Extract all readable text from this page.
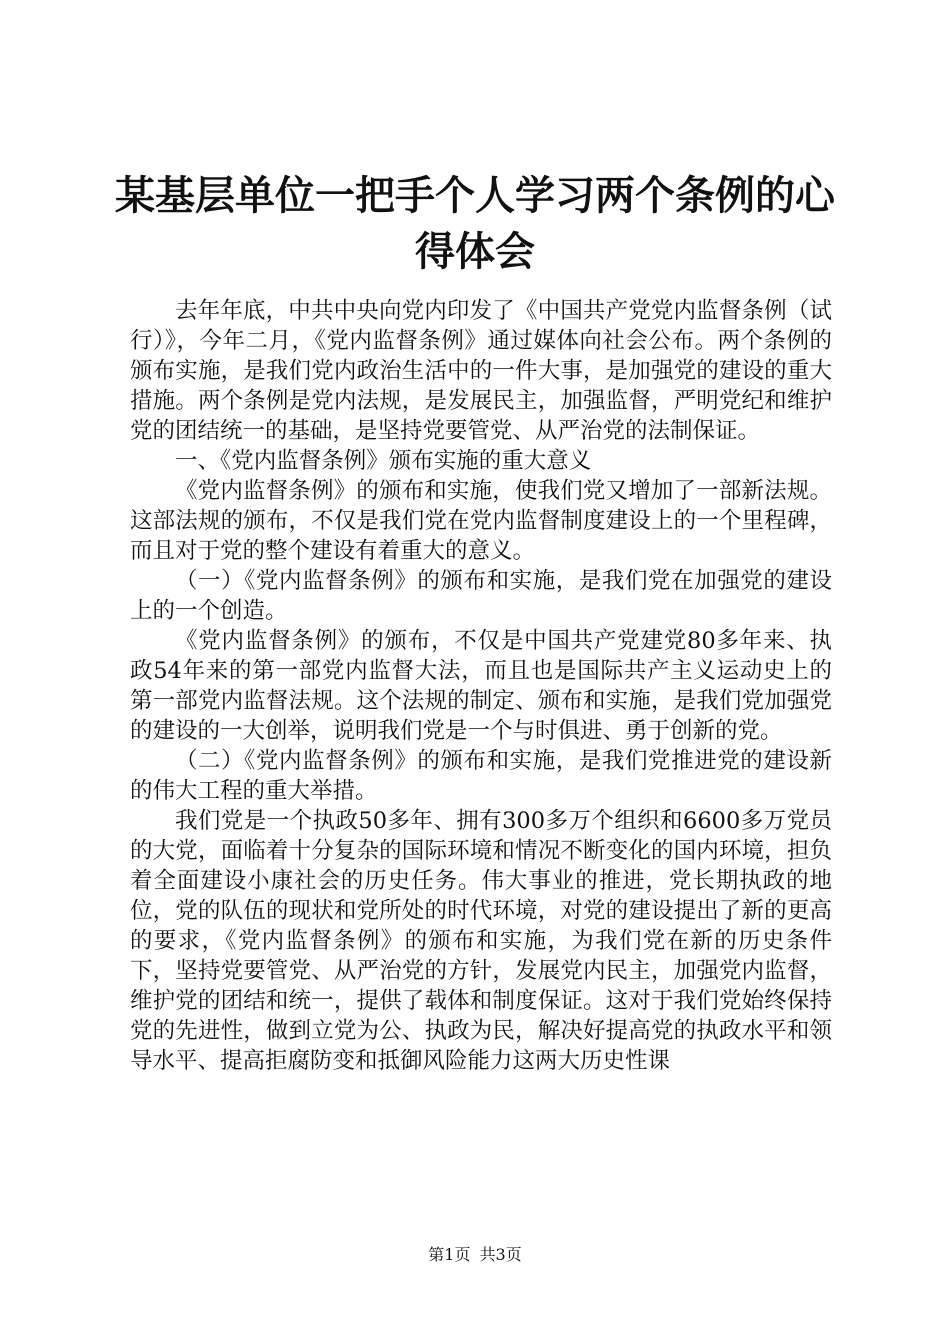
某基层单位一把手个人学习两个条例的心得体会

去年年底，中共中央向党内印发了《中国共产党党内监督条例（试行）》，今年二月，《党内监督条例》通过媒体向社会公布。两个条例的颁布实施，是我们党内政治生活中的一件大事，是加强党的建设的重大措施。两个条例是党内法规，是发展民主，加强监督，严明党纪和维护党的团结统一的基础，是坚持党要管党、从严治党的法制保证。

一、《党内监督条例》颁布实施的重大意义

《党内监督条例》的颁布和实施，使我们党又增加了一部新法规。这部法规的颁布，不仅是我们党在党内监督制度建设上的一个里程碑，而且对于党的整个建设有着重大的意义。

（一）《党内监督条例》的颁布和实施，是我们党在加强党的建设上的一个创造。

《党内监督条例》的颁布，不仅是中国共产党建党80多年来、执政54年来的第一部党内监督大法，而且也是国际共产主义运动史上的第一部党内监督法规。这个法规的制定、颁布和实施，是我们党加强党的建设的一大创举，说明我们党是一个与时俱进、勇于创新的党。

（二）《党内监督条例》的颁布和实施，是我们党推进党的建设新的伟大工程的重大举措。

我们党是一个执政50多年、拥有300多万个组织和6600多万党员的大党，面临着十分复杂的国际环境和情况不断变化的国内环境，担负着全面建设小康社会的历史任务。伟大事业的推进，党长期执政的地位，党的队伍的现状和党所处的时代环境，对党的建设提出了新的更高的要求，《党内监督条例》的颁布和实施，为我们党在新的历史条件下，坚持党要管党、从严治党的方针，发展党内民主，加强党内监督，维护党的团结和统一，提供了载体和制度保证。这对于我们党始终保持党的先进性，做到立党为公、执政为民，解决好提高党的执政水平和领导水平、提高拒腐防变和抵御风险能力这两大历史性课

第1页 共3页
